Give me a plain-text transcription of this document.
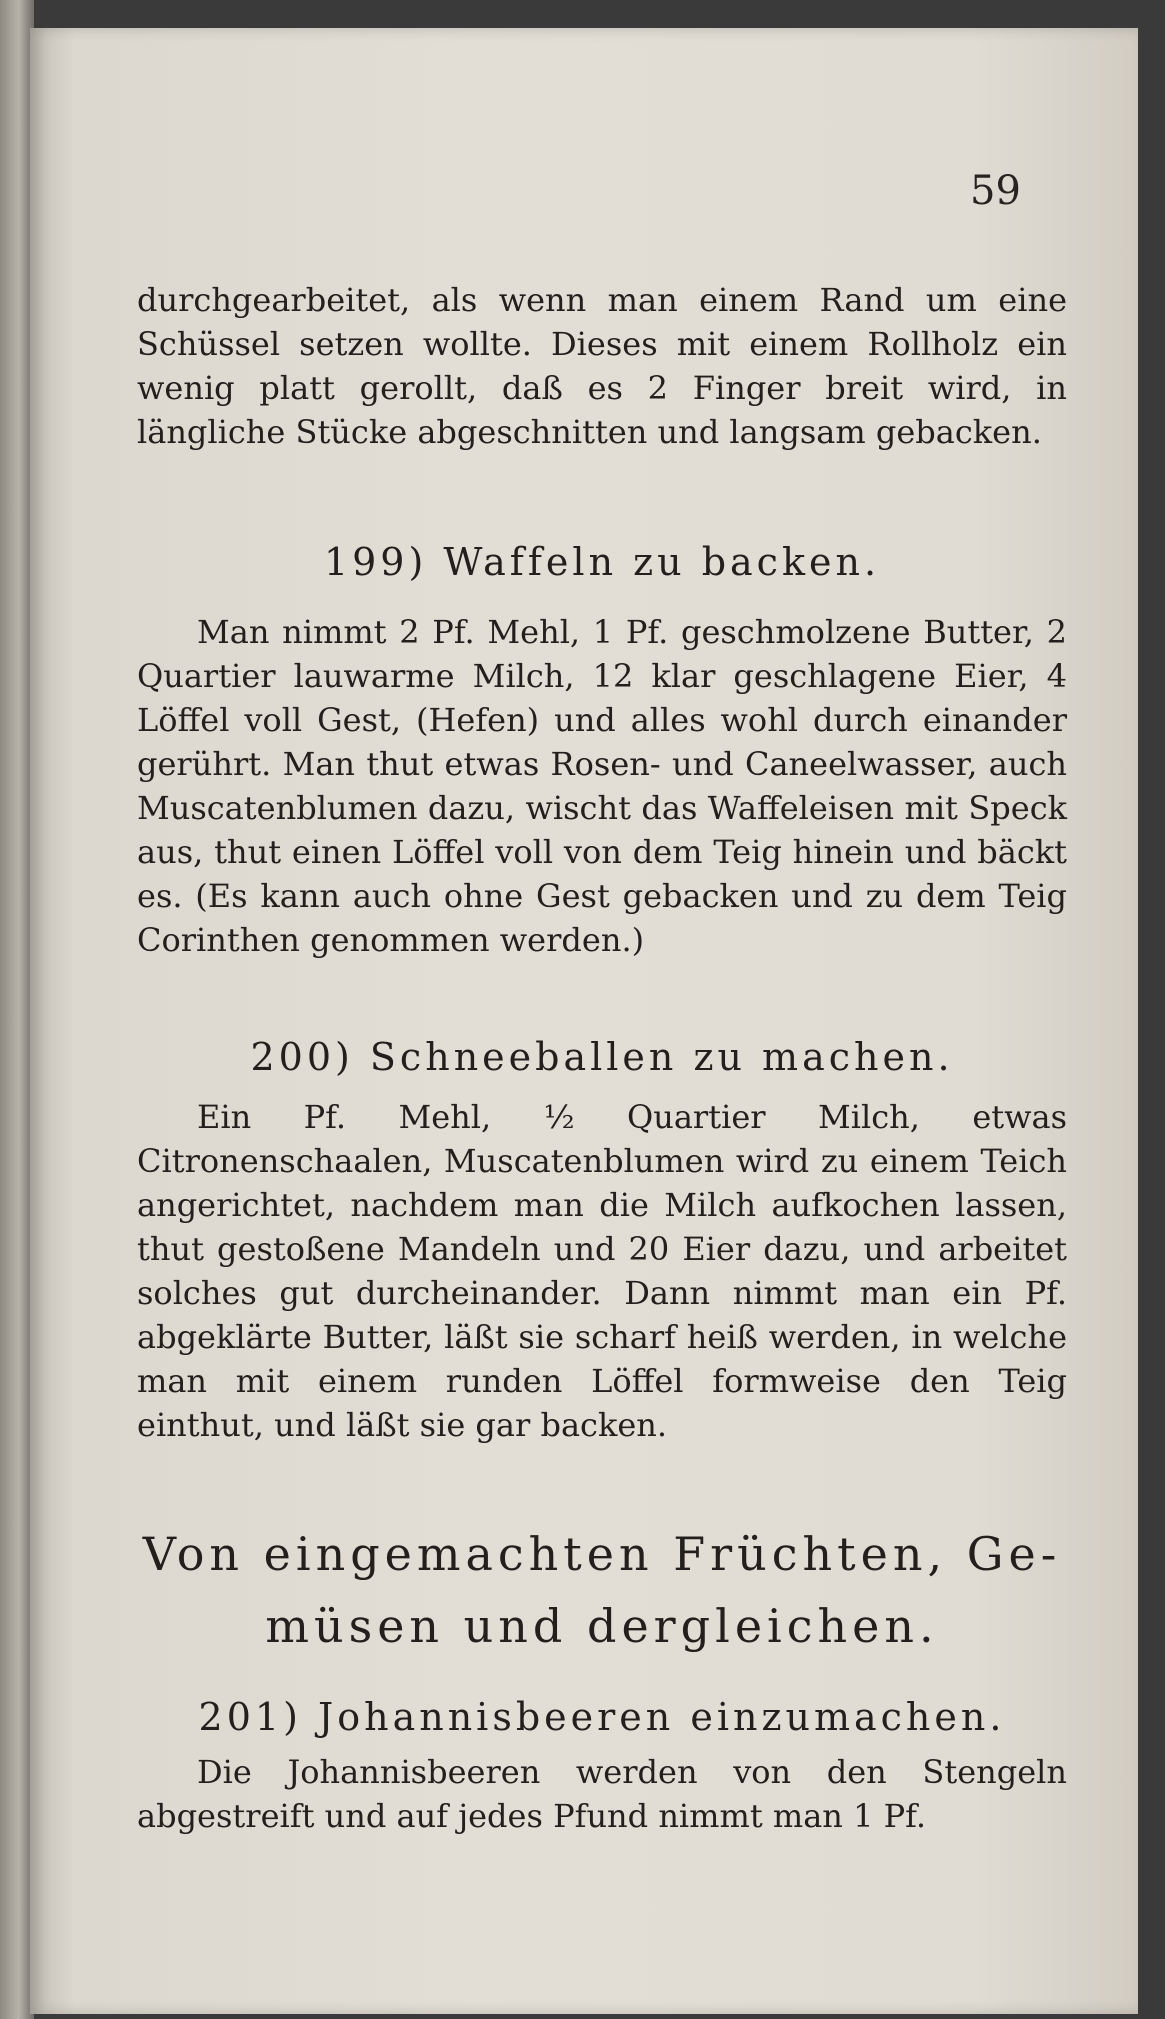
59

durchgearbeitet, als wenn man einem Rand um eine Schüssel setzen wollte. Dieses mit einem Rollholz ein wenig platt gerollt, daß es 2 Finger breit wird, in längliche Stücke abgeschnitten und langsam gebacken.

199) Waffeln zu backen.

Man nimmt 2 Pf. Mehl, 1 Pf. geschmolzene Butter, 2 Quartier lauwarme Milch, 12 klar geschlagene Eier, 4 Löffel voll Gest, (Hefen) und alles wohl durch einander gerührt. Man thut etwas Rosen- und Caneelwasser, auch Muscatenblumen dazu, wischt das Waffeleisen mit Speck aus, thut einen Löffel voll von dem Teig hinein und bäckt es. (Es kann auch ohne Gest gebacken und zu dem Teig Corinthen genommen werden.)

200) Schneeballen zu machen.

Ein Pf. Mehl, ½ Quartier Milch, etwas Citronenschaalen, Muscatenblumen wird zu einem Teich angerichtet, nachdem man die Milch aufkochen lassen, thut gestoßene Mandeln und 20 Eier dazu, und arbeitet solches gut durcheinander. Dann nimmt man ein Pf. abgeklärte Butter, läßt sie scharf heiß werden, in welche man mit einem runden Löffel formweise den Teig einthut, und läßt sie gar backen.

Von eingemachten Früchten, Ge-

müsen und dergleichen.

201) Johannisbeeren einzumachen.

Die Johannisbeeren werden von den Stengeln abgestreift und auf jedes Pfund nimmt man 1 Pf.
